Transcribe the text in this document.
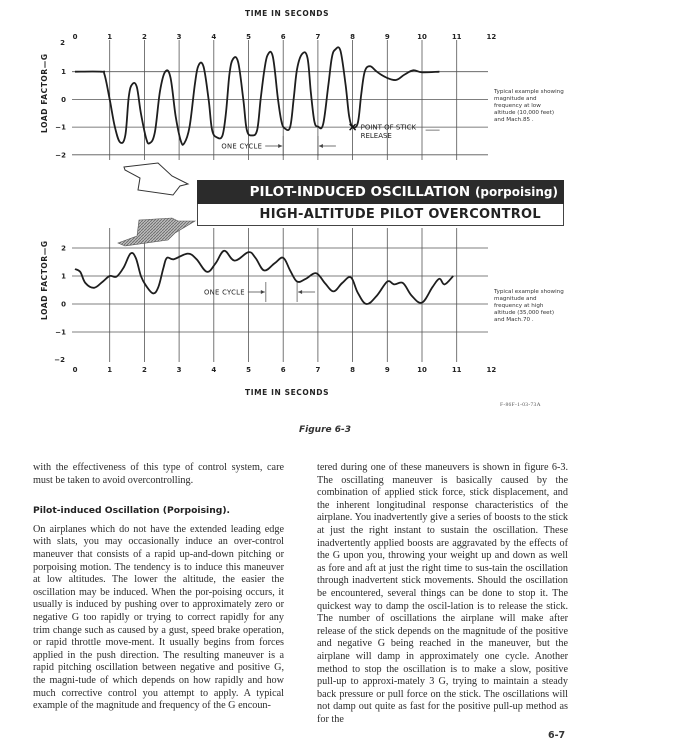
0	1	2	3	4	5	6	7	8	9	10	11	12
2
1
0
−1
−2
ONE CYCLE
POINT OF STICK
RELEASE
0	1	2	3	4	5	6	7	8	9	10	11	12
2
1
0
−1
−2
ONE CYCLE
TIME IN SECONDS
LOAD FACTOR—G
LOAD FACTOR—G
Typical example showing magnitude and frequency at low altitude (10,000 feet) and Mach.85 .
Typical example showing magnitude and frequency at high altitude (35,000 feet) and Mach.70 .
PILOT-INDUCED OSCILLATION (porpoising)
HIGH-ALTITUDE PILOT OVERCONTROL
TIME IN SECONDS
F-86F-1-03-73A
Figure 6-3

with the effectiveness of this type of control system, care must be taken to avoid overcontrolling.

Pilot-induced Oscillation (Porpoising).

On airplanes which do not have the extended leading edge with slats, you may occasionally induce an over-control maneuver that consists of a rapid up-and-down pitching or porpoising motion. The tendency is to induce this maneuver at low altitudes. The lower the altitude, the easier the oscillation may be induced. When the por-poising occurs, it usually is induced by pushing over to approximately zero or negative G too rapidly or trying to correct rapidly for any trim change such as caused by a gust, speed brake operation, or rapid throttle move-ment. It usually begins from forces applied in the push direction. The resulting maneuver is a rapid pitching oscillation between negative and positive G, the magni-tude of which depends on how rapidly and how much corrective control you attempt to apply. A typical example of the magnitude and frequency of the G encoun-

tered during one of these maneuvers is shown in figure 6-3. The oscillating maneuver is basically caused by the combination of applied stick force, stick displacement, and the inherent longitudinal response characteristics of the airplane. You inadvertently give a series of boosts to the stick at just the right instant to sustain the oscillation. These inadvertently applied boosts are aggravated by the effects of the G upon you, throwing your weight up and down as well as fore and aft at just the right time to sus-tain the oscillation through inadvertent stick movements. Should the oscillation be encountered, several things can be done to stop it. The quickest way to damp the oscil-lation is to release the stick. The number of oscillations the airplane will make after release of the stick depends on the magnitude of the positive and negative G being reached in the maneuver, but the airplane will damp in approximately one cycle. Another method to stop the oscillation is to make a slow, positive pull-up to approxi-mately 3 G, trying to maintain a steady back pressure or pull force on the stick. The oscillations will not damp out quite as fast for the positive pull-up method as for the

6-7
